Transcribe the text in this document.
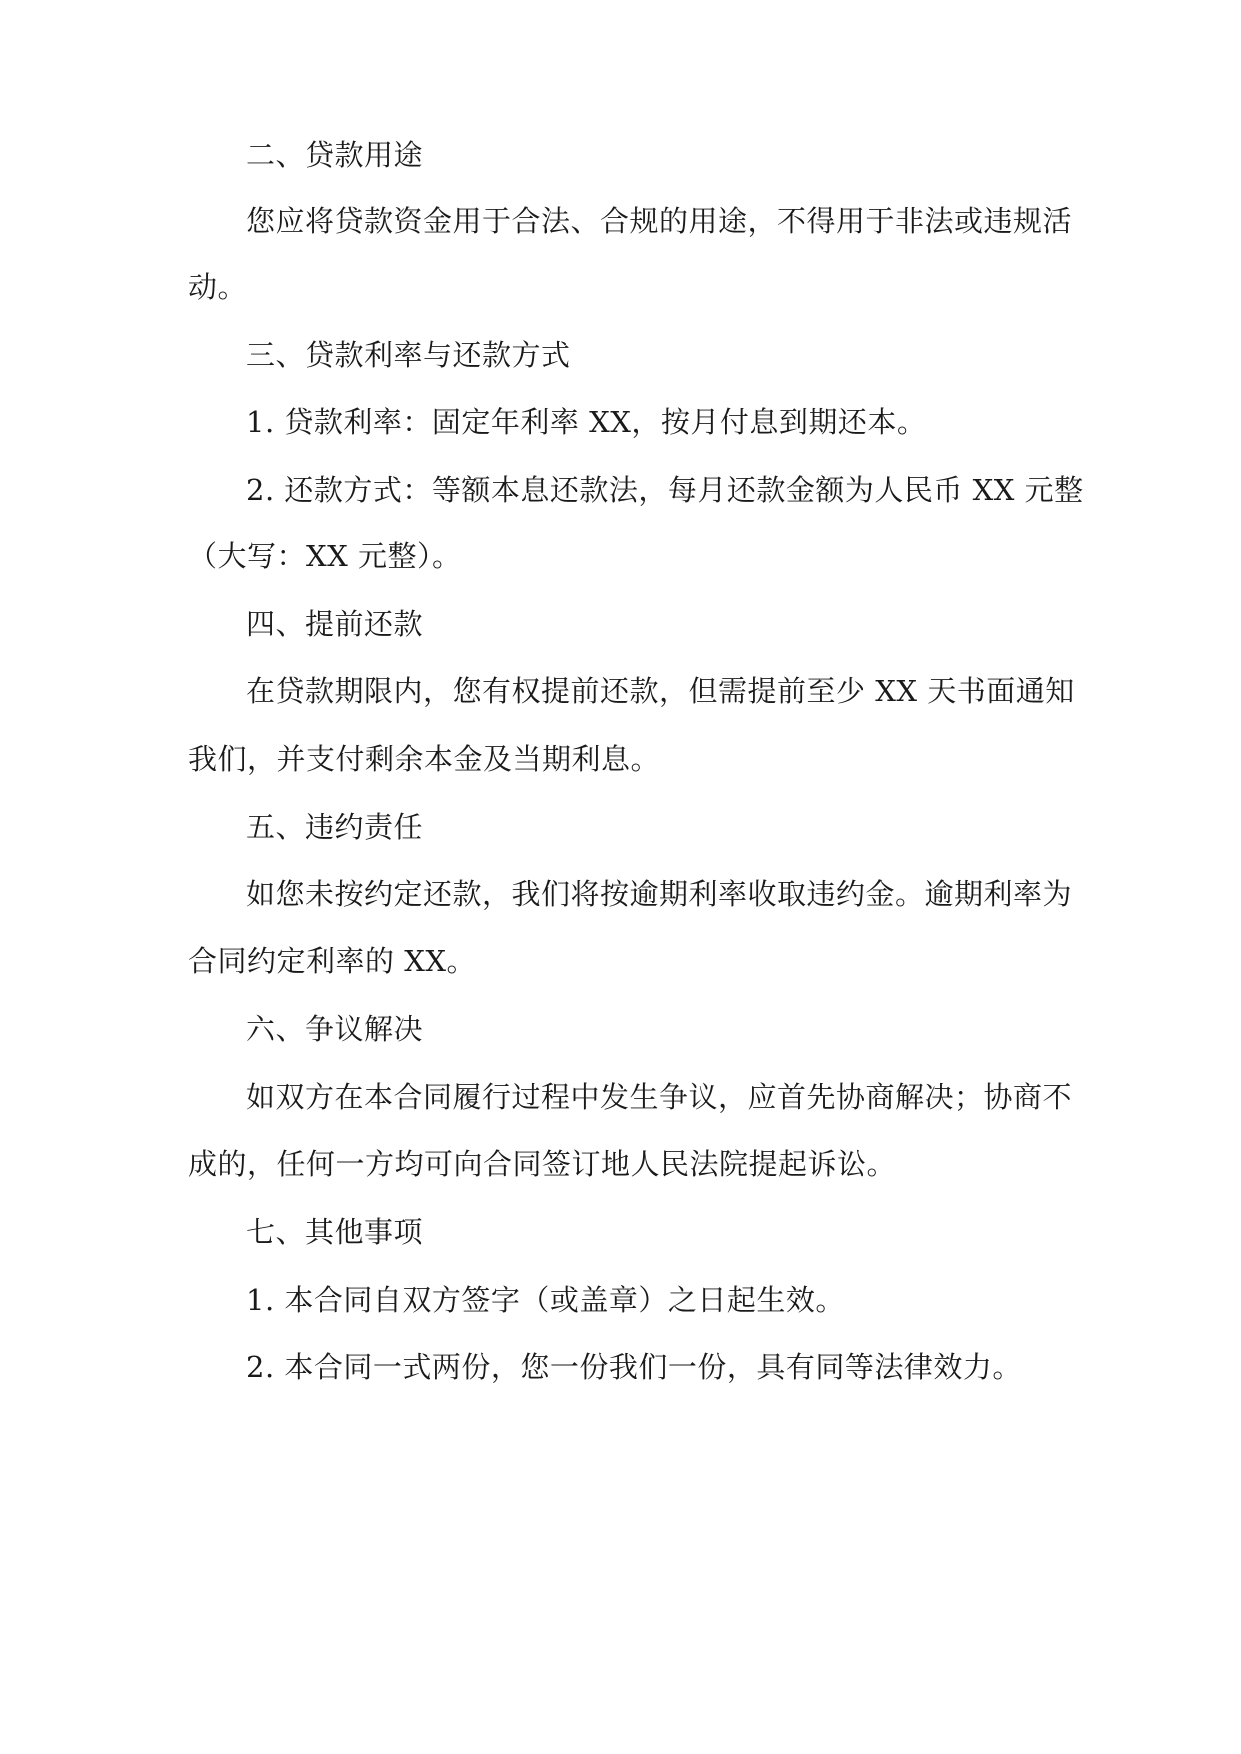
二、贷款用途
您应将贷款资金用于合法、合规的用途，不得用于非法或违规活
动。
三、贷款利率与还款方式
1. 贷款利率：固定年利率 XX，按月付息到期还本。
2. 还款方式：等额本息还款法，每月还款金额为人民币 XX 元整
（大写：XX 元整）。
四、提前还款
在贷款期限内，您有权提前还款，但需提前至少 XX 天书面通知
我们，并支付剩余本金及当期利息。
五、违约责任
如您未按约定还款，我们将按逾期利率收取违约金。逾期利率为
合同约定利率的 XX。
六、争议解决
如双方在本合同履行过程中发生争议，应首先协商解决；协商不
成的，任何一方均可向合同签订地人民法院提起诉讼。
七、其他事项
1. 本合同自双方签字（或盖章）之日起生效。
2. 本合同一式两份，您一份我们一份，具有同等法律效力。
